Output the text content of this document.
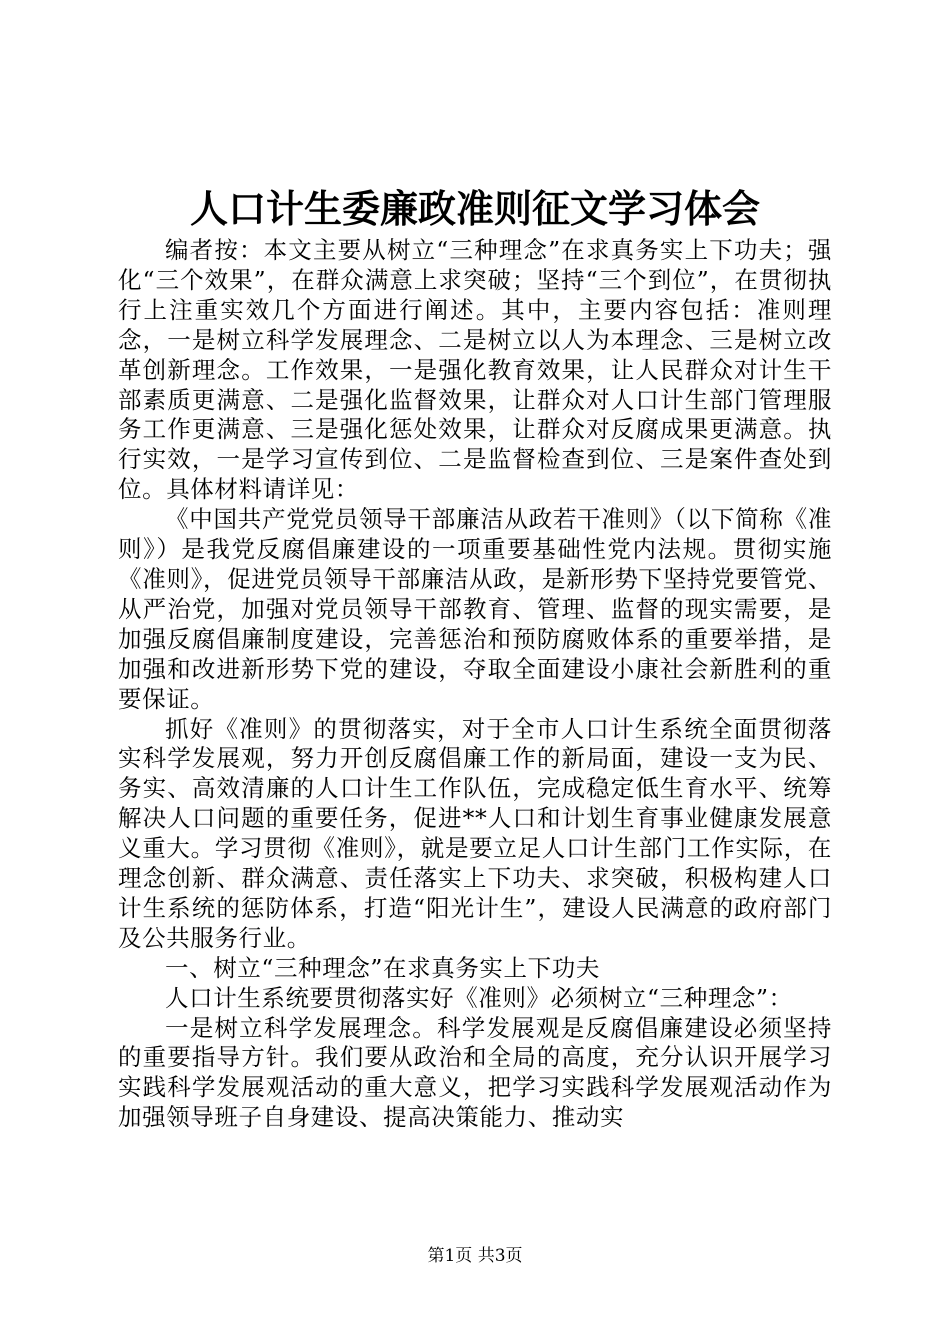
人口计生委廉政准则征文学习体会

编者按：本文主要从树立“三种理念”在求真务实上下功夫；强化“三个效果”，在群众满意上求突破；坚持“三个到位”，在贯彻执行上注重实效几个方面进行阐述。其中，主要内容包括：准则理念，一是树立科学发展理念、二是树立以人为本理念、三是树立改革创新理念。工作效果，一是强化教育效果，让人民群众对计生干部素质更满意、二是强化监督效果，让群众对人口计生部门管理服务工作更满意、三是强化惩处效果，让群众对反腐成果更满意。执行实效，一是学习宣传到位、二是监督检查到位、三是案件查处到位。具体材料请详见：

《中国共产党党员领导干部廉洁从政若干准则》（以下简称《准则》）是我党反腐倡廉建设的一项重要基础性党内法规。贯彻实施《准则》，促进党员领导干部廉洁从政，是新形势下坚持党要管党、从严治党，加强对党员领导干部教育、管理、监督的现实需要，是加强反腐倡廉制度建设，完善惩治和预防腐败体系的重要举措，是加强和改进新形势下党的建设，夺取全面建设小康社会新胜利的重要保证。

抓好《准则》的贯彻落实，对于全市人口计生系统全面贯彻落实科学发展观，努力开创反腐倡廉工作的新局面，建设一支为民、务实、高效清廉的人口计生工作队伍，完成稳定低生育水平、统筹解决人口问题的重要任务，促进**人口和计划生育事业健康发展意义重大。学习贯彻《准则》，就是要立足人口计生部门工作实际，在理念创新、群众满意、责任落实上下功夫、求突破，积极构建人口计生系统的惩防体系，打造“阳光计生”，建设人民满意的政府部门及公共服务行业。

一、树立“三种理念”在求真务实上下功夫

人口计生系统要贯彻落实好《准则》必须树立“三种理念”：

一是树立科学发展理念。科学发展观是反腐倡廉建设必须坚持的重要指导方针。我们要从政治和全局的高度，充分认识开展学习实践科学发展观活动的重大意义，把学习实践科学发展观活动作为加强领导班子自身建设、提高决策能力、推动实

第1页 共3页
